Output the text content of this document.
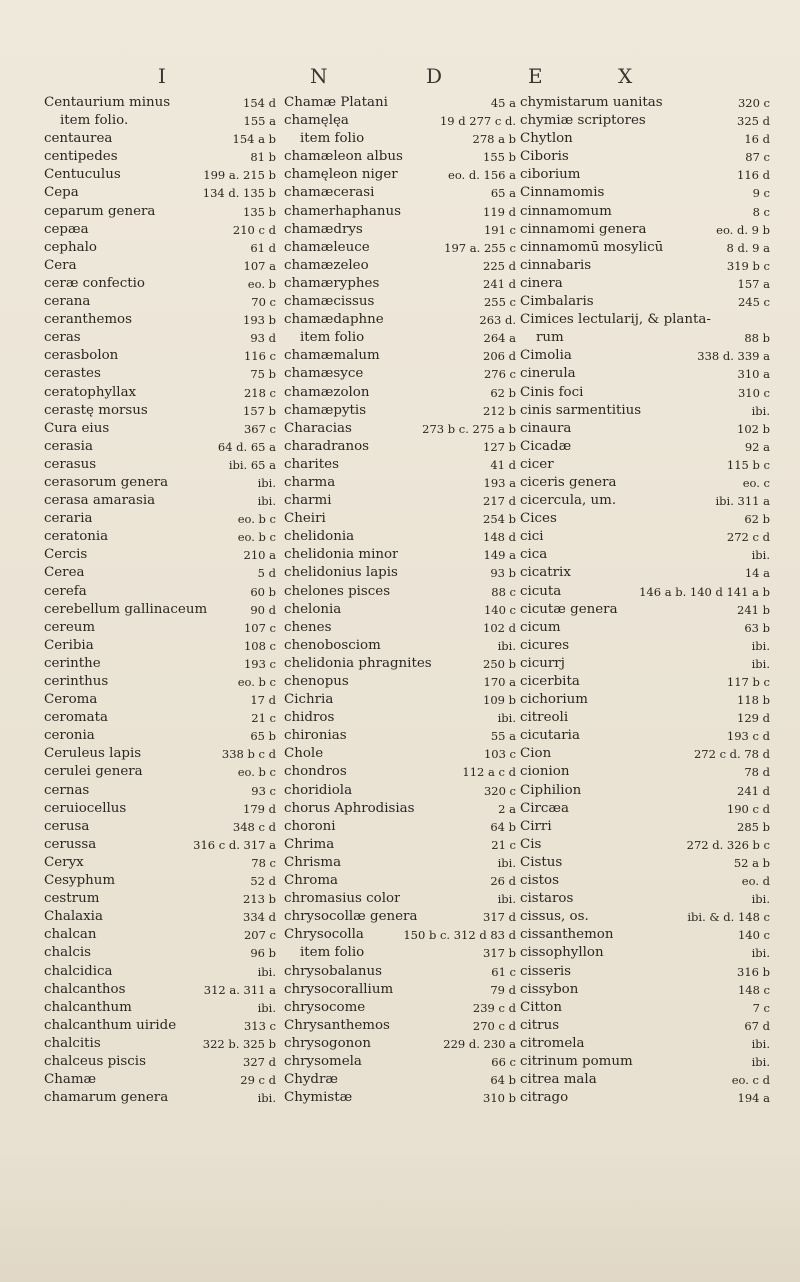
I	N	D	E	X
Centaurium minus	154 d
item folio.	155 a
centaurea	154 a b
centipedes	81 b
Centuculus	199 a. 215 b
Cepa	134 d. 135 b
ceparum genera	135 b
cepæa	210 c d
cephalo	61 d
Cera	107 a
ceræ confectio	eo. b
cerana	70 c
ceranthemos	193 b
ceras	93 d
cerasbolon	116 c
cerastes	75 b
ceratophyllax	218 c
cerastę morsus	157 b
Cura eius	367 c
cerasia	64 d. 65 a
cerasus	ibi. 65 a
cerasorum genera	ibi.
cerasa amarasia	ibi.
ceraria	eo. b c
ceratonia	eo. b c
Cercis	210 a
Cerea	5 d
cerefa	60 b
cerebellum gallinaceum	90 d
cereum	107 c
Ceribia	108 c
cerinthe	193 c
cerinthus	eo. b c
Ceroma	17 d
ceromata	21 c
ceronia	65 b
Ceruleus lapis	338 b c d
cerulei genera	eo. b c
cernas	93 c
ceruiocellus	179 d
cerusa	348 c d
cerussa	316 c d. 317 a
Ceryx	78 c
Cesyphum	52 d
cestrum	213 b
Chalaxia	334 d
chalcan	207 c
chalcis	96 b
chalcidica	ibi.
chalcanthos	312 a. 311 a
chalcanthum	ibi.
chalcanthum uiride	313 c
chalcitis	322 b. 325 b
chalceus piscis	327 d
Chamæ	29 c d
chamarum genera	ibi.
Chamæ Platani	45 a
chamęlęa	19 d 277 c d.
item folio	278 a b
chamæleon albus	155 b
chamęleon niger	eo. d. 156 a
chamæcerasi	65 a
chamerhaphanus	119 d
chamædrys	191 c
chamæleuce	197 a. 255 c
chamæzeleo	225 d
chamæryphes	241 d
chamæcissus	255 c
chamædaphne	263 d.
item folio	264 a
chamæmalum	206 d
chamæsyce	276 c
chamæzolon	62 b
chamæpytis	212 b
Characias	273 b c. 275 a b
charadranos	127 b
charites	41 d
charma	193 a
charmi	217 d
Cheiri	254 b
chelidonia	148 d
chelidonia minor	149 a
chelidonius lapis	93 b
chelones pisces	88 c
chelonia	140 c
chenes	102 d
chenobosciom	ibi.
chelidonia phragnites	250 b
chenopus	170 a
Cichria	109 b
chidros	ibi.
chironias	55 a
Chole	103 c
chondros	112 a c d
choridiola	320 c
chorus Aphrodisias	2 a
choroni	64 b
Chrima	21 c
Chrisma	ibi.
Chroma	26 d
chromasius color	ibi.
chrysocollæ genera	317 d
Chrysocolla	150 b c. 312 d 83 d
item folio	317 b
chrysobalanus	61 c
chrysocorallium	79 d
chrysocome	239 c d
Chrysanthemos	270 c d
chrysogonon	229 d. 230 a
chrysomela	66 c
Chydræ	64 b
Chymistæ	310 b
chymistarum uanitas	320 c
chymiæ scriptores	325 d
Chytlon	16 d
Ciboris	87 c
ciborium	116 d
Cinnamomis	9 c
cinnamomum	8 c
cinnamomi genera	eo. d. 9 b
cinnamomū mosylicū	8 d. 9 a
cinnabaris	319 b c
cinera	157 a
Cimbalaris	245 c
Cimices lectularij, & planta-
rum	88 b
Cimolia	338 d. 339 a
cinerula	310 a
Cinis foci	310 c
cinis sarmentitius	ibi.
cinaura	102 b
Cicadæ	92 a
cicer	115 b c
ciceris genera	eo. c
cicercula, um.	ibi. 311 a
Cices	62 b
cici	272 c d
cica	ibi.
cicatrix	14 a
cicuta	146 a b. 140 d 141 a b
cicutæ genera	241 b
cicum	63 b
cicures	ibi.
cicurrj	ibi.
cicerbita	117 b c
cichorium	118 b
citreoli	129 d
cicutaria	193 c d
Cion	272 c d. 78 d
cionion	78 d
Ciphilion	241 d
Circæa	190 c d
Cirri	285 b
Cis	272 d. 326 b c
Cistus	52 a b
cistos	eo. d
cistaros	ibi.
cissus, os.	ibi. & d. 148 c
cissanthemon	140 c
cissophyllon	ibi.
cisseris	316 b
cissybon	148 c
Citton	7 c
citrus	67 d
citromela	ibi.
citrinum pomum	ibi.
citrea mala	eo. c d
citrago	194 a
